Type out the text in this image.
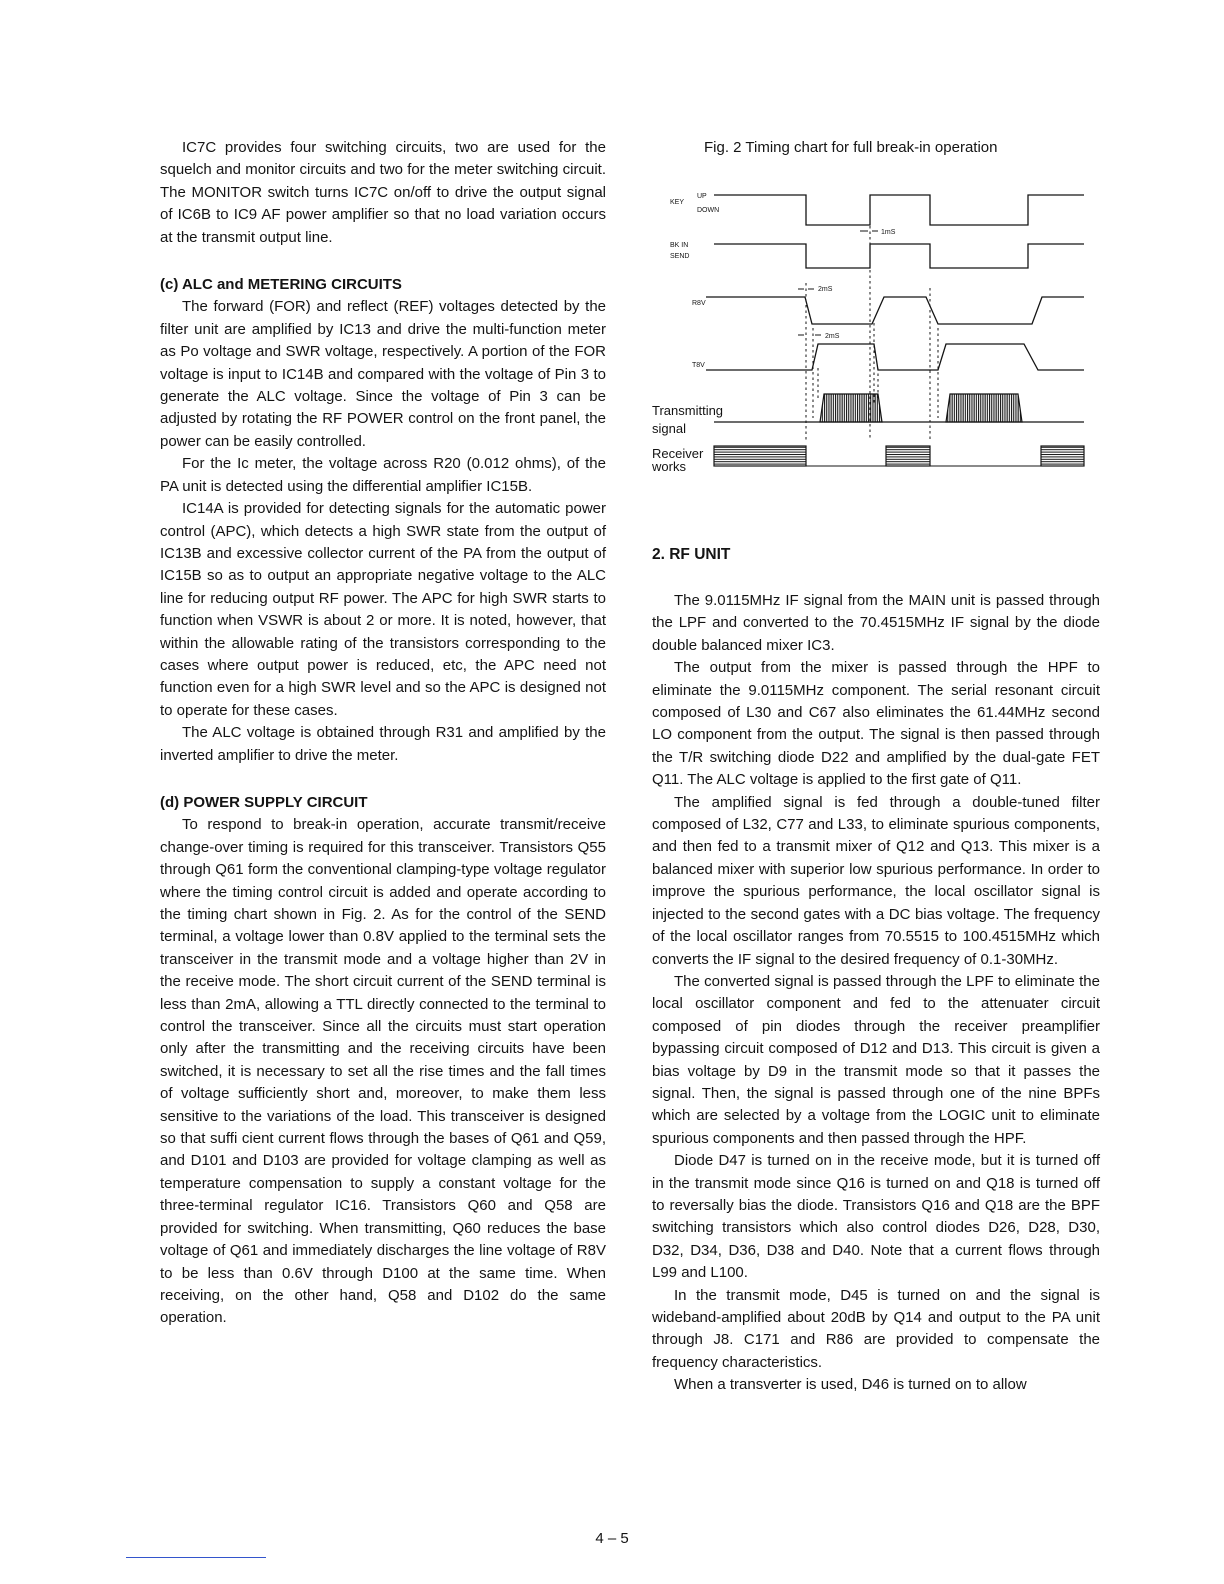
IC7C provides four switching circuits, two are used for the squelch and monitor circuits and two for the meter switching circuit. The MONITOR switch turns IC7C on/off to drive the output signal of IC6B to IC9 AF power amplifier so that no load variation occurs at the transmit output line.

(c) ALC and METERING CIRCUITS

The forward (FOR) and reflect (REF) voltages detected by the filter unit are amplified by IC13 and drive the multi-function meter as Po voltage and SWR voltage, respectively. A portion of the FOR voltage is input to IC14B and compared with the voltage of Pin 3 to generate the ALC voltage. Since the voltage of Pin 3 can be adjusted by rotating the RF POWER control on the front panel, the power can be easily controlled.

For the Ic meter, the voltage across R20 (0.012 ohms), of the PA unit is detected using the differential amplifier IC15B.

IC14A is provided for detecting signals for the automatic power control (APC), which detects a high SWR state from the output of IC13B and excessive collector current of the PA from the output of IC15B so as to output an appropriate negative voltage to the ALC line for reducing output RF power. The APC for high SWR starts to function when VSWR is about 2 or more. It is noted, however, that within the allowable rating of the transistors corresponding to the cases where output power is reduced, etc, the APC need not function even for a high SWR level and so the APC is designed not to operate for these cases.

The ALC voltage is obtained through R31 and amplified by the inverted amplifier to drive the meter.

(d) POWER SUPPLY CIRCUIT

To respond to break-in operation, accurate transmit/receive change-over timing is required for this transceiver. Transistors Q55 through Q61 form the conventional clamping-type voltage regulator where the timing control circuit is added and operate according to the timing chart shown in Fig. 2. As for the control of the SEND terminal, a voltage lower than 0.8V applied to the terminal sets the transceiver in the transmit mode and a voltage higher than 2V in the receive mode. The short circuit current of the SEND terminal is less than 2mA, allowing a TTL directly connected to the terminal to control the transceiver. Since all the circuits must start operation only after the transmitting and the receiving circuits have been switched, it is necessary to set all the rise times and the fall times of voltage sufficiently short and, moreover, to make them less sensitive to the variations of the load. This transceiver is designed so that suffi cient current flows through the bases of Q61 and Q59, and D101 and D103 are provided for voltage clamping as well as temperature compensation to supply a constant voltage for the three-terminal regulator IC16. Transistors Q60 and Q58 are provided for switching. When transmitting, Q60 reduces the base voltage of Q61 and immediately discharges the line voltage of R8V to be less than 0.6V through D100 at the same time. When receiving, on the other hand, Q58 and D102 do the same operation.

Fig. 2 Timing chart for full break-in operation
KEY
UP
DOWN
BK IN
SEND
R8V
T8V
Transmitting
signal
Receiver
works
1mS
2mS
2mS
2. RF UNIT

The 9.0115MHz IF signal from the MAIN unit is passed through the LPF and converted to the 70.4515MHz IF signal by the diode double balanced mixer IC3.

The output from the mixer is passed through the HPF to eliminate the 9.0115MHz component. The serial resonant circuit composed of L30 and C67 also eliminates the 61.44MHz second LO component from the output. The signal is then passed through the T/R switching diode D22 and amplified by the dual-gate FET Q11. The ALC voltage is applied to the first gate of Q11.

The amplified signal is fed through a double-tuned filter composed of L32, C77 and L33, to eliminate spurious components, and then fed to a transmit mixer of Q12 and Q13. This mixer is a balanced mixer with superior low spurious performance. In order to improve the spurious performance, the local oscillator signal is injected to the second gates with a DC bias voltage. The frequency of the local oscillator ranges from 70.5515 to 100.4515MHz which converts the IF signal to the desired frequency of 0.1-30MHz.

The converted signal is passed through the LPF to eliminate the local oscillator component and fed to the attenuater circuit composed of pin diodes through the receiver preamplifier bypassing circuit composed of D12 and D13. This circuit is given a bias voltage by D9 in the transmit mode so that it passes the signal. Then, the signal is passed through one of the nine BPFs which are selected by a voltage from the LOGIC unit to eliminate spurious components and then passed through the HPF.

Diode D47 is turned on in the receive mode, but it is turned off in the transmit mode since Q16 is turned on and Q18 is turned off to reversally bias the diode. Transistors Q16 and Q18 are the BPF switching transistors which also control diodes D26, D28, D30, D32, D34, D36, D38 and D40. Note that a current flows through L99 and L100.

In the transmit mode, D45 is turned on and the signal is wideband-amplified about 20dB by Q14 and output to the PA unit through J8. C171 and R86 are provided to compensate the frequency characteristics.

When a transverter is used, D46 is turned on to allow

4 – 5
